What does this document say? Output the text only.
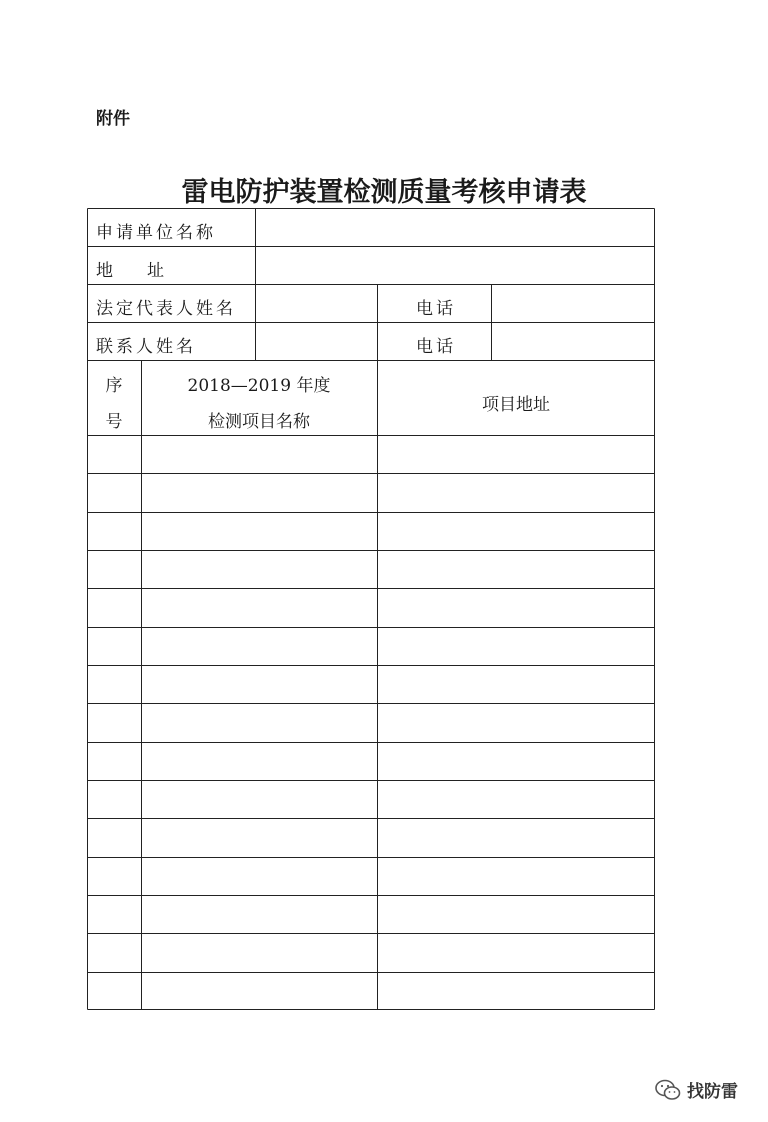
附件
雷电防护装置检测质量考核申请表
申请单位名称
地 址
法定代表人姓名	电话
联系人姓名	电话
序
号
2018—2019 年度
检测项目名称
项目地址
找防雷
